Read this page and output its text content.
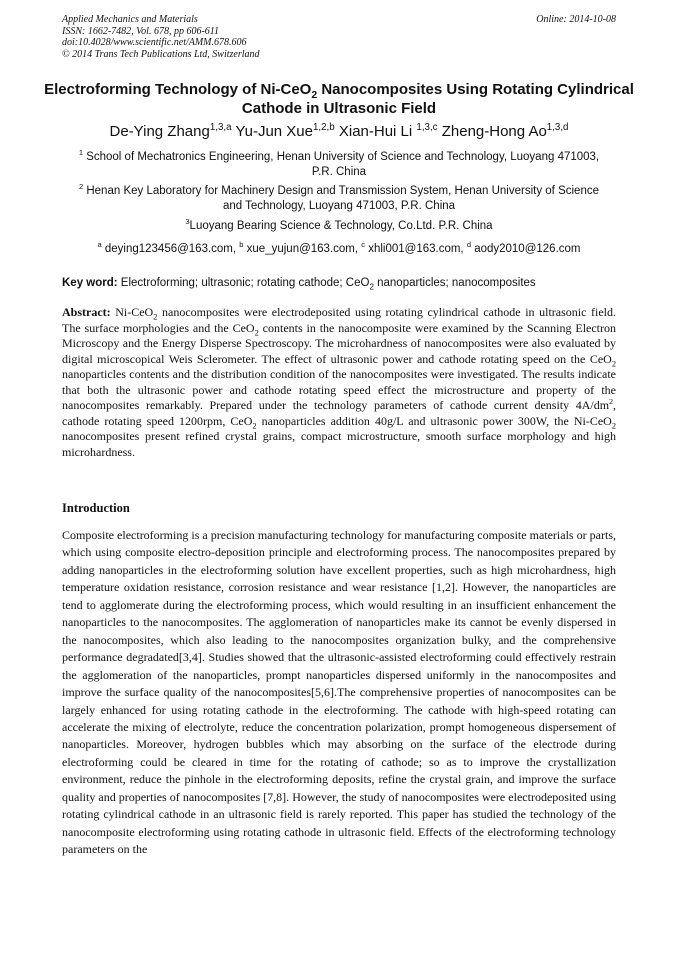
Applied Mechanics and Materials
ISSN: 1662-7482, Vol. 678, pp 606-611
doi:10.4028/www.scientific.net/AMM.678.606
© 2014 Trans Tech Publications Ltd, Switzerland
Online: 2014-10-08
Electroforming Technology of Ni-CeO$_2$ Nanocomposites Using Rotating Cylindrical Cathode in Ultrasonic Field
De-Ying Zhang$^{1,3,a}$ Yu-Jun Xue$^{1,2,b}$ Xian-Hui Li $^{1,3,c}$ Zheng-Hong Ao$^{1,3,d}$
$^1$ School of Mechatronics Engineering, Henan University of Science and Technology, Luoyang 471003, P.R. China
$^2$ Henan Key Laboratory for Machinery Design and Transmission System, Henan University of Science and Technology, Luoyang 471003, P.R. China
$^3$Luoyang Bearing Science & Technology, Co.Ltd. P.R. China
$^a$ deying123456@163.com, $^b$ xue_yujun@163.com, $^c$ xhli001@163.com, $^d$ aody2010@126.com
Key word: Electroforming; ultrasonic; rotating cathode; CeO$_2$ nanoparticles; nanocomposites
Abstract: Ni-CeO$_2$ nanocomposites were electrodeposited using rotating cylindrical cathode in ultrasonic field. The surface morphologies and the CeO$_2$ contents in the nanocomposite were examined by the Scanning Electron Microscopy and the Energy Disperse Spectroscopy. The microhardness of nanocomposites were also evaluated by digital microscopical Weis Sclerometer. The effect of ultrasonic power and cathode rotating speed on the CeO$_2$ nanoparticles contents and the distribution condition of the nanocomposites were investigated. The results indicate that both the ultrasonic power and cathode rotating speed effect the microstructure and property of the nanocomposites remarkably. Prepared under the technology parameters of cathode current density $4A/dm^2$, cathode rotating speed 1200rpm, CeO$_2$ nanoparticles addition 40g/L and ultrasonic power 300W, the Ni-CeO$_2$ nanocomposites present refined crystal grains, compact microstructure, smooth surface morphology and high microhardness.
Introduction
Composite electroforming is a precision manufacturing technology for manufacturing composite materials or parts, which using composite electro-deposition principle and electroforming process. The nanocomposites prepared by adding nanoparticles in the electroforming solution have excellent properties, such as high microhardness, high temperature oxidation resistance, corrosion resistance and wear resistance [1,2]. However, the nanoparticles are tend to agglomerate during the electroforming process, which would resulting in an insufficient enhancement the nanoparticles to the nanocomposites. The agglomeration of nanoparticles make its cannot be evenly dispersed in the nanocomposites, which also leading to the nanocomposites organization bulky, and the comprehensive performance degradated[3,4]. Studies showed that the ultrasonic-assisted electroforming could effectively restrain the agglomeration of the nanoparticles, prompt nanoparticles dispersed uniformly in the nanocomposites and improve the surface quality of the nanocomposites[5,6].The comprehensive properties of nanocomposites can be largely enhanced for using rotating cathode in the electroforming. The cathode with high-speed rotating can accelerate the mixing of electrolyte, reduce the concentration polarization, prompt homogeneous dispersement of nanoparticles. Moreover, hydrogen bubbles which may absorbing on the surface of the electrode during electroforming could be cleared in time for the rotating of cathode; so as to improve the crystallization environment, reduce the pinhole in the electroforming deposits, refine the crystal grain, and improve the surface quality and properties of nanocomposites [7,8]. However, the study of nanocomposites were electrodeposited using rotating cylindrical cathode in an ultrasonic field is rarely reported. This paper has studied the technology of the nanocomposite electroforming using rotating cathode in ultrasonic field. Effects of the electroforming technology parameters on the
